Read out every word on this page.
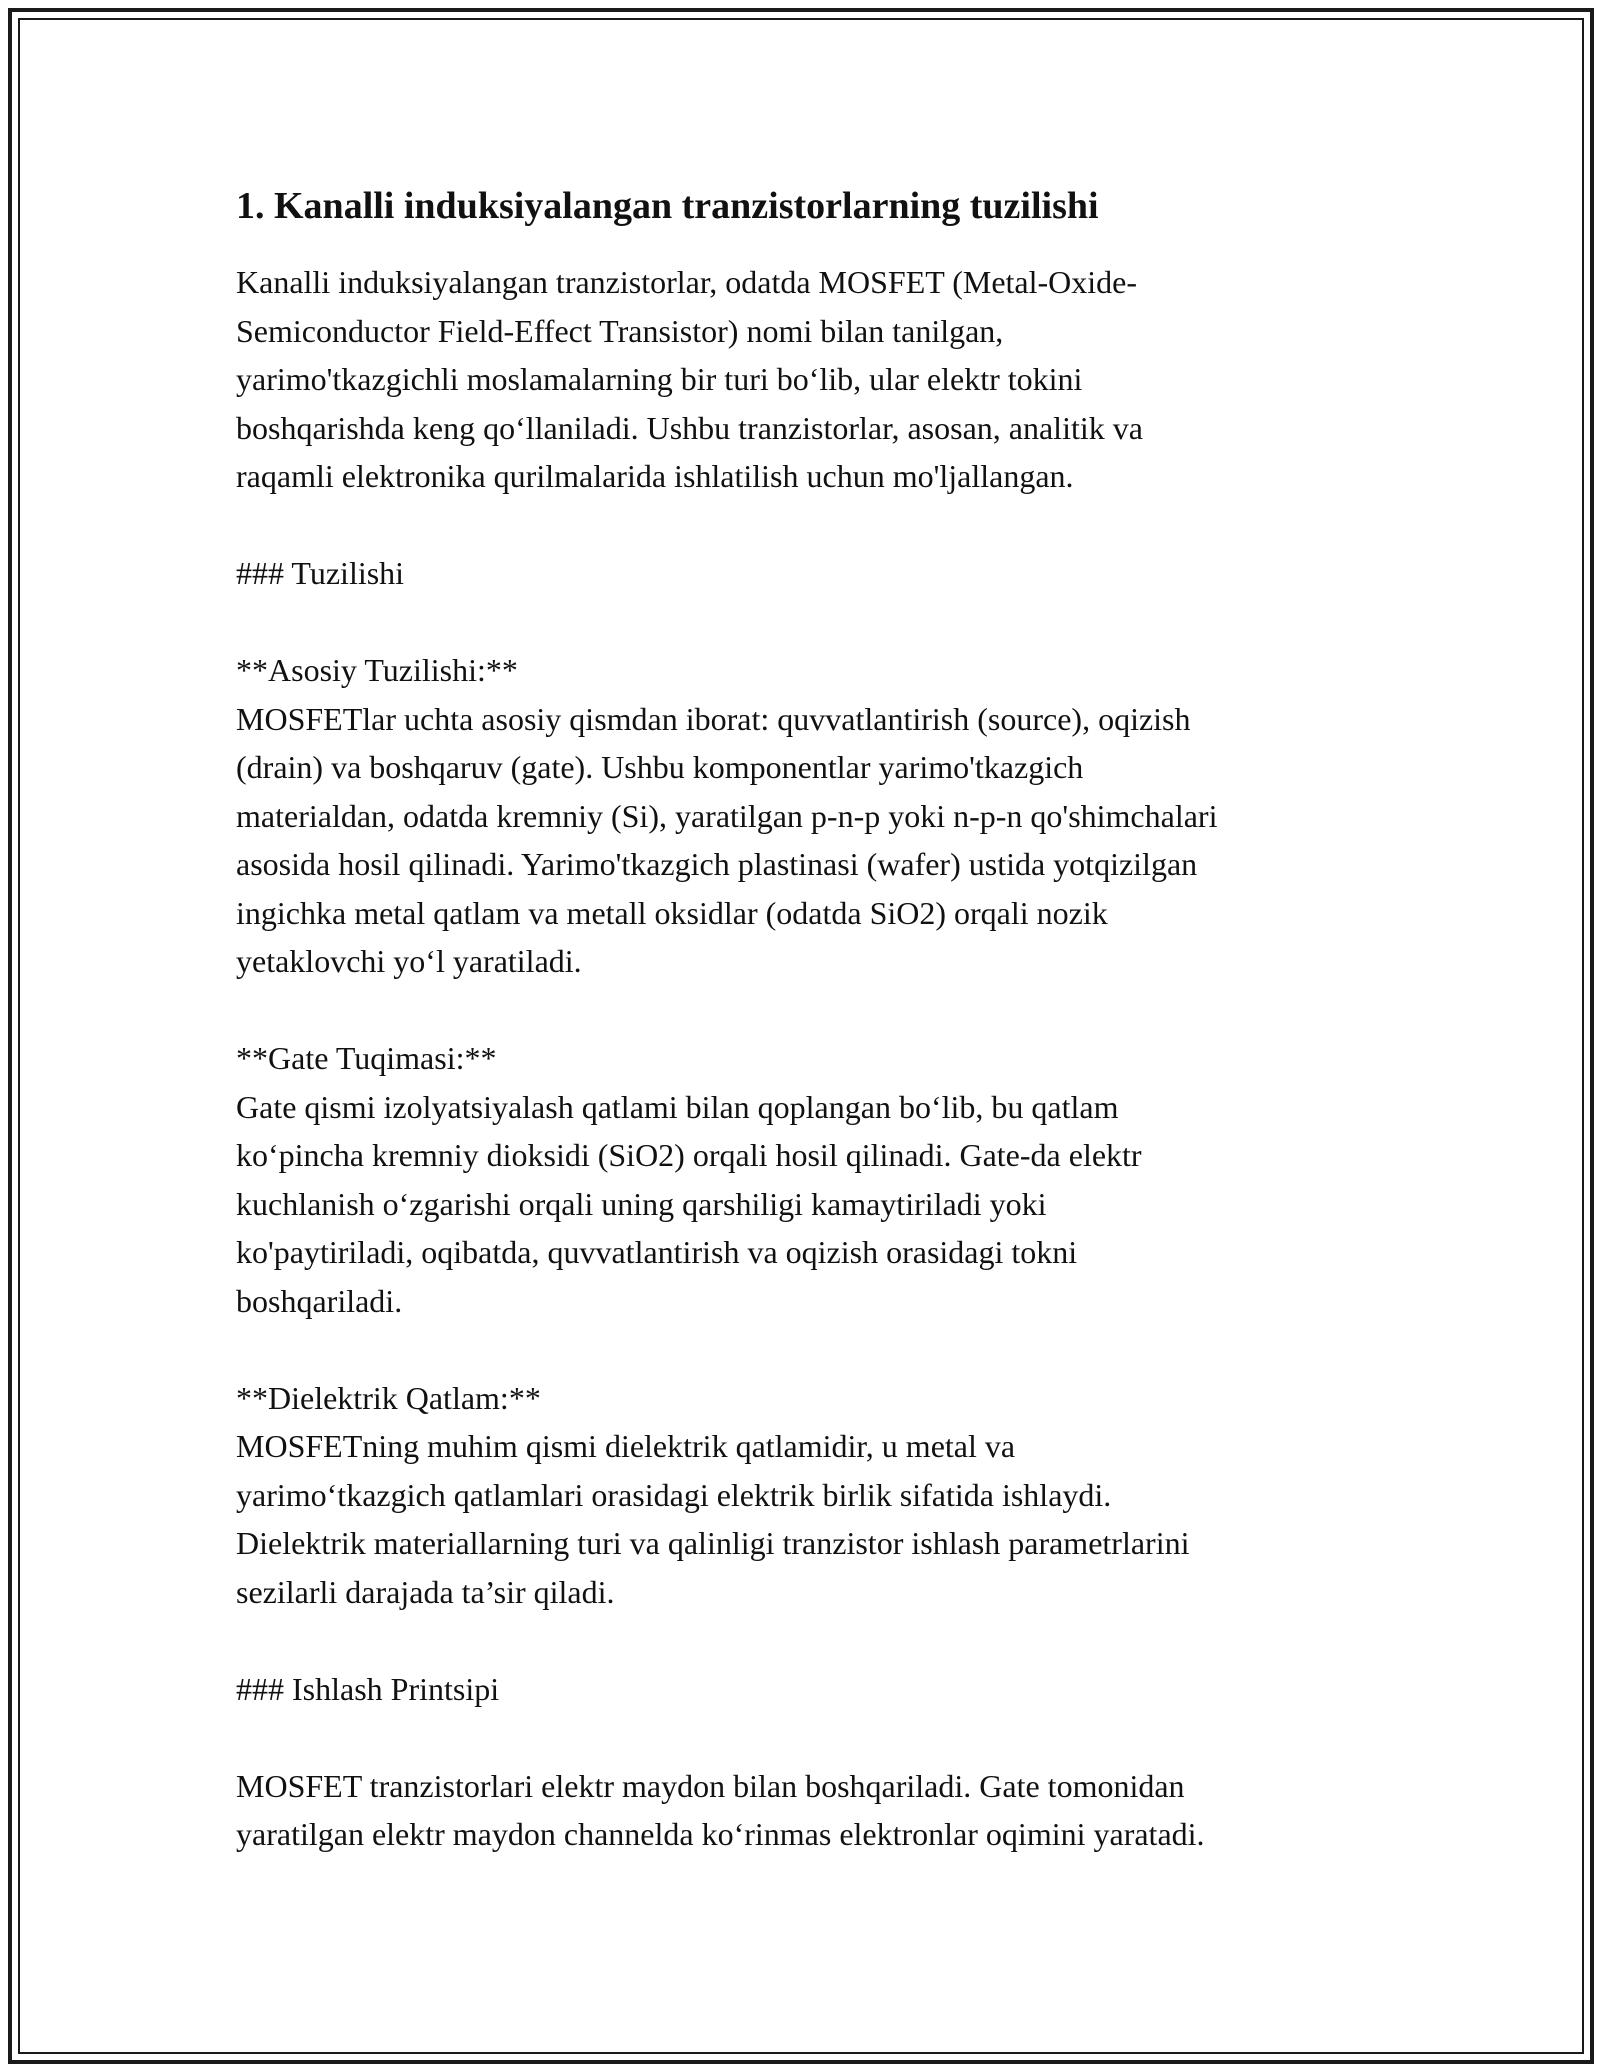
1. Kanalli induksiyalangan tranzistorlarning tuzilishi

Kanalli induksiyalangan tranzistorlar, odatda MOSFET (Metal-Oxide-

Semiconductor Field-Effect Transistor) nomi bilan tanilgan,

yarimo'tkazgichli moslamalarning bir turi bo‘lib, ular elektr tokini

boshqarishda keng qo‘llaniladi. Ushbu tranzistorlar, asosan, analitik va

raqamli elektronika qurilmalarida ishlatilish uchun mo'ljallangan.

### Tuzilishi

**Asosiy Tuzilishi:**

MOSFETlar uchta asosiy qismdan iborat: quvvatlantirish (source), oqizish

(drain) va boshqaruv (gate). Ushbu komponentlar yarimo'tkazgich

materialdan, odatda kremniy (Si), yaratilgan p-n-p yoki n-p-n qo'shimchalari

asosida hosil qilinadi. Yarimo'tkazgich plastinasi (wafer) ustida yotqizilgan

ingichka metal qatlam va metall oksidlar (odatda SiO2) orqali nozik

yetaklovchi yo‘l yaratiladi.

**Gate Tuqimasi:**

Gate qismi izolyatsiyalash qatlami bilan qoplangan bo‘lib, bu qatlam

ko‘pincha kremniy dioksidi (SiO2) orqali hosil qilinadi. Gate-da elektr

kuchlanish o‘zgarishi orqali uning qarshiligi kamaytiriladi yoki

ko'paytiriladi, oqibatda, quvvatlantirish va oqizish orasidagi tokni

boshqariladi.

**Dielektrik Qatlam:**

MOSFETning muhim qismi dielektrik qatlamidir, u metal va

yarimo‘tkazgich qatlamlari orasidagi elektrik birlik sifatida ishlaydi.

Dielektrik materiallarning turi va qalinligi tranzistor ishlash parametrlarini

sezilarli darajada ta’sir qiladi.

### Ishlash Printsipi

MOSFET tranzistorlari elektr maydon bilan boshqariladi. Gate tomonidan

yaratilgan elektr maydon channelda ko‘rinmas elektronlar oqimini yaratadi.
